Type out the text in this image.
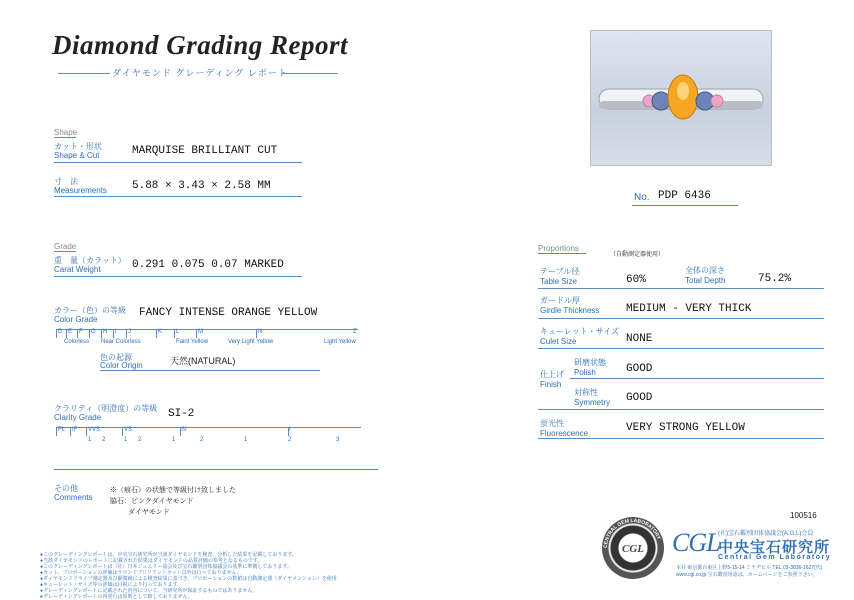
Diamond Grading Report
ダイヤモンド グレーディング レポート
Shape
カット・形状
Shape & Cut	MARQUISE BRILLIANT CUT
寸　法
Measurements 5.88 × 3.43 × 2.58 MM
Grade
重　量（カラット）
Carat Weight	0.291 0.075 0.07 MARKED
カラー（色）の等級
Color Grade
FANCY INTENSE ORANGE YELLOW
D E	F	G	H	I	J	K	L	M	N	Z
Colorless Near Colorless	Faint Yellow	Very Light Yellow	Light Yellow
色の起源
Color Origin	天然(NATURAL)
クラリティ（明澄度）の等級
Clarity Grade	SI-2
FL	IF	VVS	VS	SI	I
1 2	1 2	1	2	1	2	3
その他
Comments
※（痕石）の状態で等級付け致しました
脇石：ピンクダイヤモンド
ダイヤモンド
●このグレーディングレポートは、中央宝石研究所が当該ダイヤモンドを検査、分析した結果を記載しております。
●当該ダイヤモンドのレポートに記載された結果はダイヤモンドの品質評価の参考となるものです。
●このグレーディングレポートは（社）日本ジュエリー協会及び宝石鑑別団体協議会の基準に準拠しております。
●カット、プロポーションの評価はラウンドブリリアントカット以外は行っておりません。
●ダイヤモンドドライブ測定器及び顕微鏡による検査結果に基づき、プロポーションの数値は自動測定器（ダイヤメンション）を使用
●キューレット・サイズ等の評価は目視により行っております。
●グレーディングレポートに記載された内容について、当研究所が保証するものではありません。
●グレーディングレポートの再発行は原則として致しておりません。
No. PDP 6436
Proportions
（自動測定器使用）
テーブル径
Table Size	60%
全体の深さ
Total Depth	75.2%
ガードル厚
Girdle Thickness MEDIUM - VERY THICK
キューレット・サイズ
Culet Size	NONE
仕上げ
Finish
研磨状態
Polish	GOOD
対称性
Symmetry GOOD
蛍光性
Fluorescence	VERY STRONG YELLOW
100516
CENTRAL GEM LABORATORY
CGL CGL
(社)宝石鑑別団体協議会(A.G.L)会員
中央宝石研究所
Central Gem Laboratory
本社 東京都台東区上野5-15-14 ミヤヂビル TEL.03-3836-1627(代)
www.cgl.co.jp 宝石鑑別用語は、ホームページをご参照下さい。
